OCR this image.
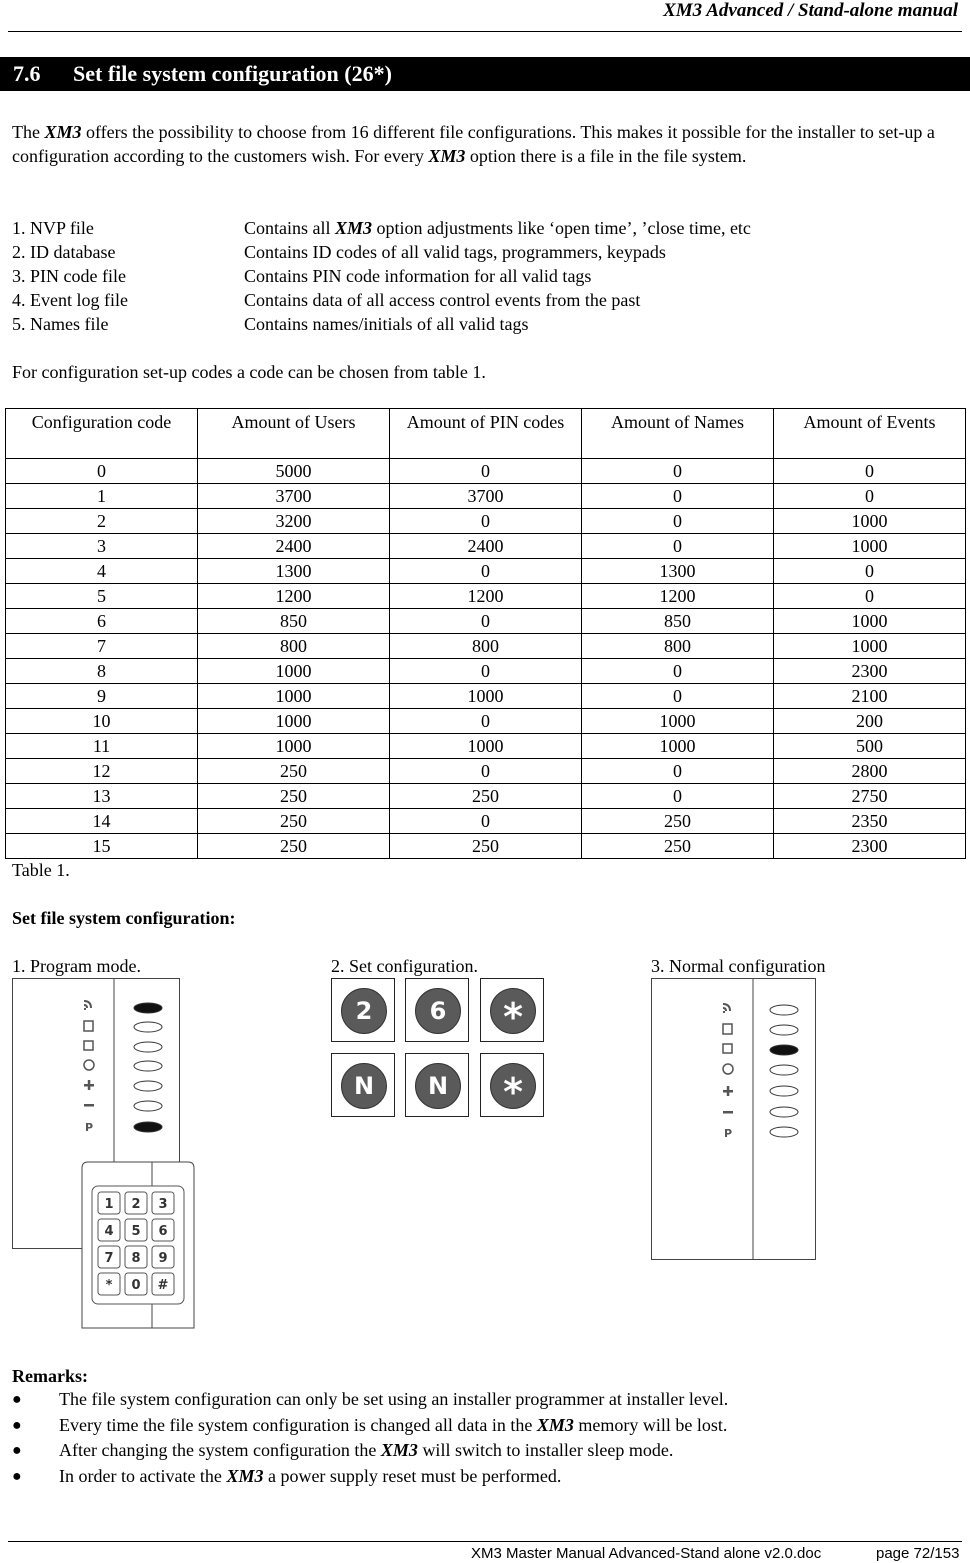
XM3 Advanced / Stand-alone manual
7.6 Set file system configuration (26*)
The XM3 offers the possibility to choose from 16 different file configurations. This makes it possible for the installer to set-up a configuration according to the customers wish. For every XM3 option there is a file in the file system.
1. NVP file	Contains all XM3 option adjustments like ‘open time’, ’close time, etc
2. ID database	Contains ID codes of all valid tags, programmers, keypads
3. PIN code file	Contains PIN code information for all valid tags
4. Event log file	Contains data of all access control events from the past
5. Names file	Contains names/initials of all valid tags
For configuration set-up codes a code can be chosen from table 1.
Configuration code	Amount of Users	Amount of PIN codes	Amount of Names	Amount of Events
0	5000	0	0	0
1	3700	3700	0	0
2	3200	0	0	1000
3	2400	2400	0	1000
4	1300	0	1300	0
5	1200	1200	1200	0
6	850	0	850	1000
7	800	800	800	1000
8	1000	0	0	2300
9	1000	1000	0	2100
10	1000	0	1000	200
11	1000	1000	1000	500
12	250	0	0	2800
13	250	250	0	2750
14	250	0	250	2350
15	250	250	250	2300
Table 1.
Set file system configuration:
1. Program mode.	2. Set configuration.	3. Normal configuration
P
1 2 3
4 5 6
7 8 9
* 0 #
2	6	*
N	N	*
P
Remarks:
● The file system configuration can only be set using an installer programmer at installer level.
● Every time the file system configuration is changed all data in the XM3 memory will be lost.
● After changing the system configuration the XM3 will switch to installer sleep mode.
● In order to activate the XM3 a power supply reset must be performed.
XM3 Master Manual Advanced-Stand alone v2.0.doc	page 72/153
